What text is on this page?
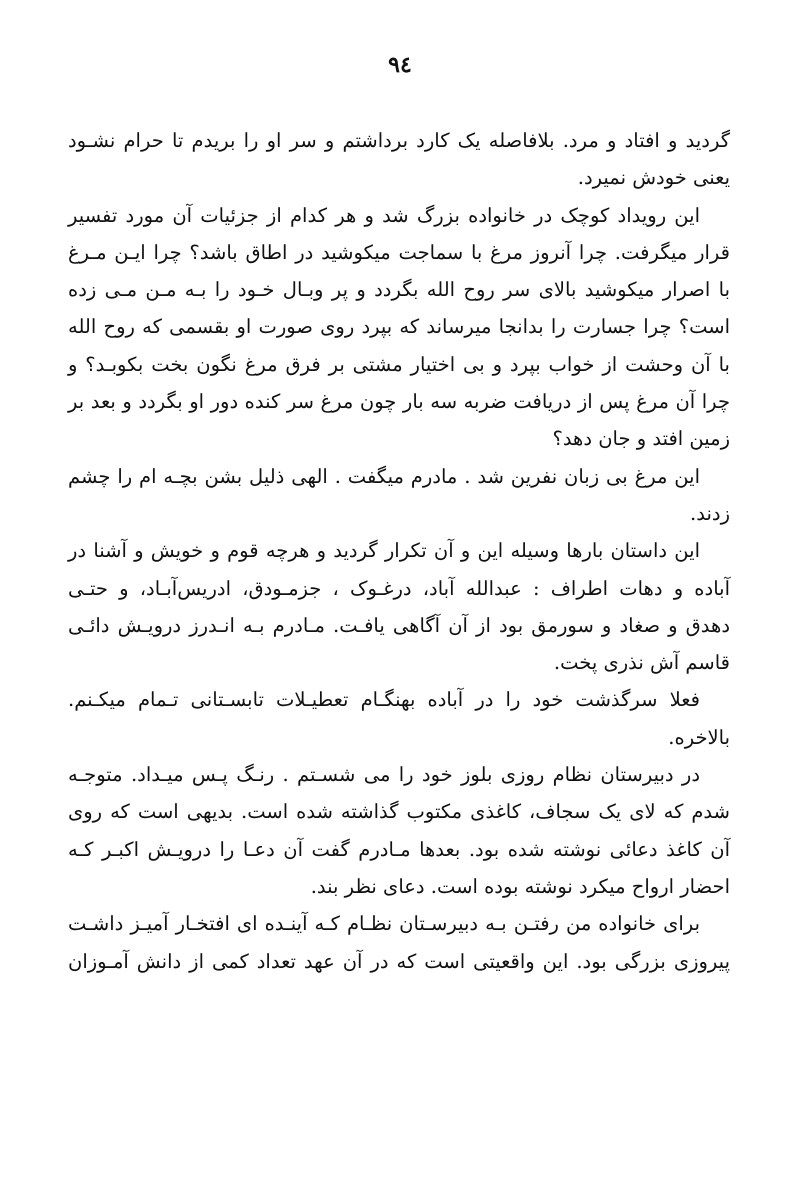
٩٤
گردید و افتاد و مرد. بلافاصله یک کارد برداشتم و سر او را بریدم تا حرام نشـود
یعنی خودش نمیرد.
این رویداد کوچک در خانواده بزرگ شد و هر کدام از جزئیات آن مورد تفسیر
قرار میگرفت. چرا آنروز مرغ با سماجت میکوشید در اطاق باشد؟ چرا ایـن مـرغ
با اصرار میکوشید بالای سر روح الله بگردد و پر وبـال خـود را بـه مـن مـی زده
است؟ چرا جسارت را بدانجا میرساند که بپرد روی صورت او بقسمی که روح الله
با آن وحشت از خواب بپرد و بی اختیار مشتی بر فرق مرغ نگون بخت بکوبـد؟ و
چرا آن مرغ پس از دریافت ضربه سه بار چون مرغ سر کنده دور او بگردد و بعد بر
زمین افتد و جان دهد؟
این مرغ بی زبان نفرین شد . مادرم میگفت . الهی ذلیل بشن بچـه ام را چشم
زدند.
این داستان بارها وسیله این و آن تکرار گردید و هرچه قوم و خویش و آشنا در
آباده و دهات اطراف : عبدالله آباد، درغـوک ، جزمـودق، ادریس‌آبـاد، و حتـی
دهدق و صغاد و سورمق بود از آن آگاهی یافـت. مـادرم بـه انـدرز درویـش دائـی
قاسم آش نذری پخت.
فعلا سرگذشت خود را در آباده بهنگـام تعطیـلات تابسـتانی تـمام میکـنم.
بالاخره.
در دبیرستان نظام روزی بلوز خود را می شسـتم . رنـگ پـس میـداد. متوجـه
شدم که لای یک سجاف، کاغذی مکتوب گذاشته شده است. بدیهی است که روی
آن کاغذ دعائی نوشته شده بود. بعدها مـادرم گفت آن دعـا را درویـش اکبـر کـه
احضار ارواح میکرد نوشته بوده است. دعای نظر بند.
برای خانواده من رفتـن بـه دبیرسـتان نظـام کـه آینـده ای افتخـار آمیـز داشـت
پیروزی بزرگی بود. این واقعیتی است که در آن عهد تعداد کمی از دانش آمـوزان
